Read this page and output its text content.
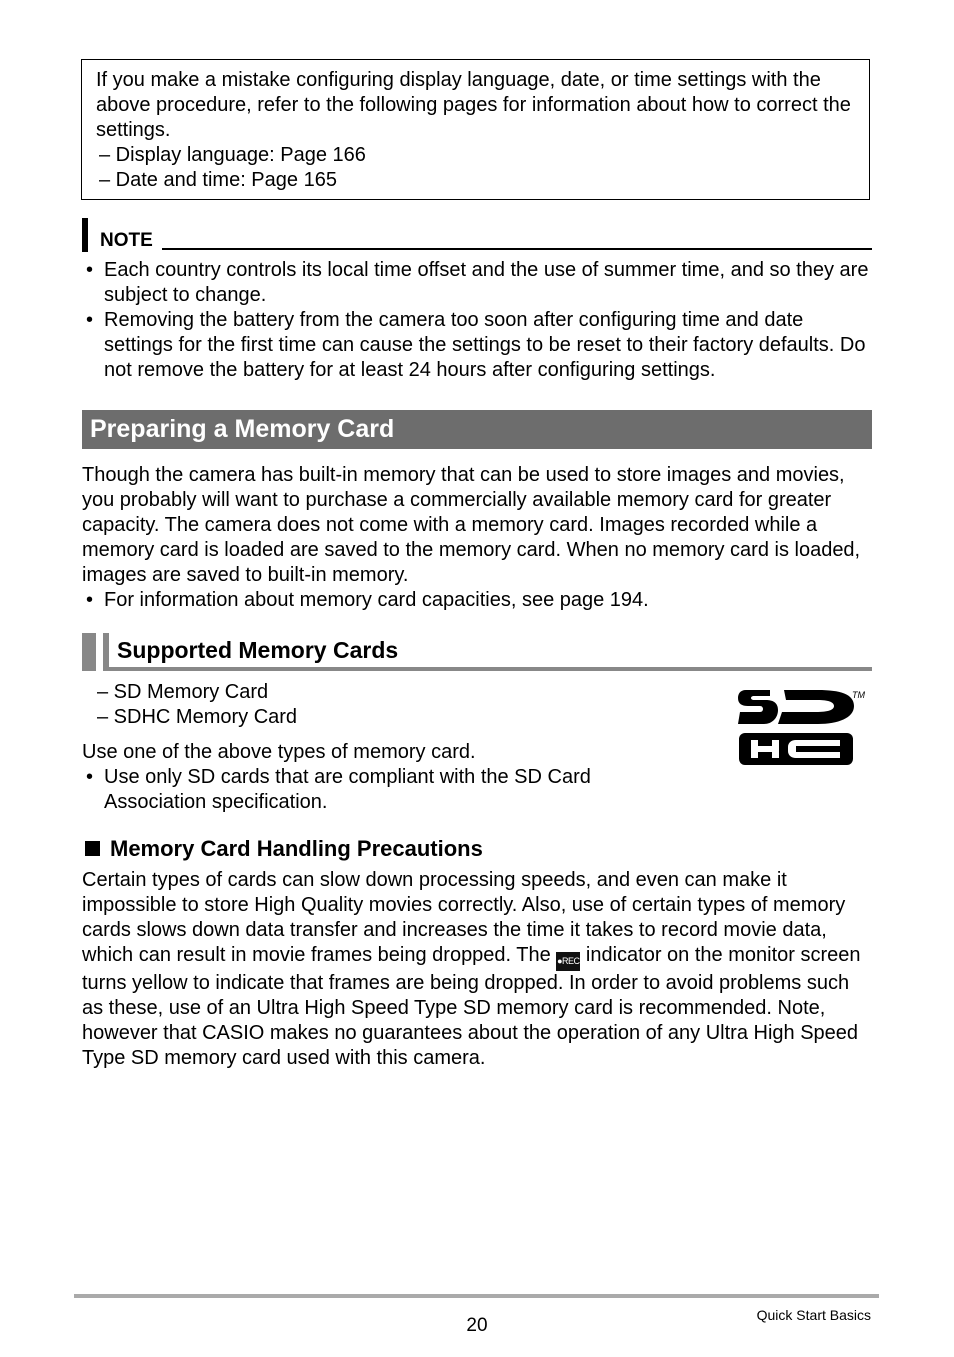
If you make a mistake configuring display language, date, or time settings with the above procedure, refer to the following pages for information about how to correct the settings.

– Display language: Page 166

– Date and time: Page 165

NOTE

• Each country controls its local time offset and the use of summer time, and so they are subject to change.

• Removing the battery from the camera too soon after configuring time and date settings for the first time can cause the settings to be reset to their factory defaults. Do not remove the battery for at least 24 hours after configuring settings.

Preparing a Memory Card

Though the camera has built-in memory that can be used to store images and movies, you probably will want to purchase a commercially available memory card for greater capacity. The camera does not come with a memory card. Images recorded while a memory card is loaded are saved to the memory card. When no memory card is loaded, images are saved to built-in memory.

• For information about memory card capacities, see page 194.

Supported Memory Cards

– SD Memory Card

– SDHC Memory Card

Use one of the above types of memory card.

• Use only SD cards that are compliant with the SD Card Association specification.

TM
Memory Card Handling Precautions

Certain types of cards can slow down processing speeds, and even can make it impossible to store High Quality movies correctly. Also, use of certain types of memory cards slows down data transfer and increases the time it takes to record movie data, which can result in movie frames being dropped. The ●REC indicator on the monitor screen turns yellow to indicate that frames are being dropped. In order to avoid problems such as these, use of an Ultra High Speed Type SD memory card is recommended. Note, however that CASIO makes no guarantees about the operation of any Ultra High Speed Type SD memory card used with this camera.

20	Quick Start Basics
